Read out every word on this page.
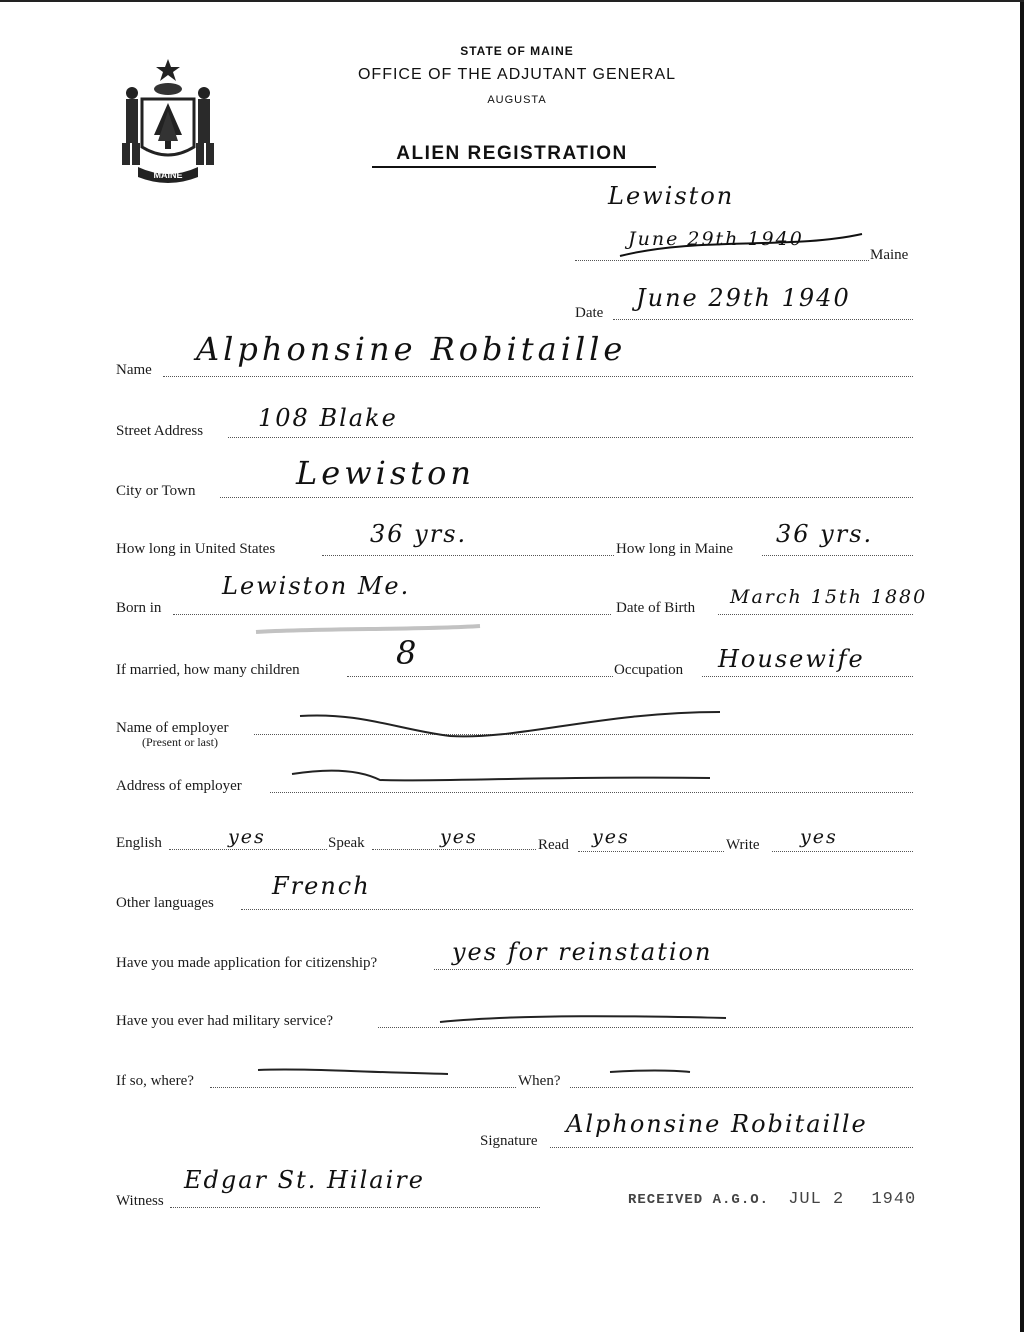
MAINE
STATE OF MAINE
OFFICE OF THE ADJUTANT GENERAL
AUGUSTA
ALIEN REGISTRATION
Maine
Lewiston
June 29th 1940
Date
June 29th 1940
Name
Alphonsine Robitaille
Street Address 108 Blake
City or Town	Lewiston
How long in United States
36 yrs.
How long in Maine
36 yrs.
Born in
Lewiston Me.
Date of Birth March 15th 1880
If married, how many children	8	Occupation Housewife
Name of employer
(Present or last)
Address of employer
English	yes	Speak	yes	Read yes	Write yes
Other languages
French
Have you made application for citizenship?	yes for reinstation
Have you ever had military service?
If so, where?	When?
Signature
Alphonsine Robitaille
Witness
Edgar St. Hilaire
RECEIVED A.G.O. JUL 2 1940
